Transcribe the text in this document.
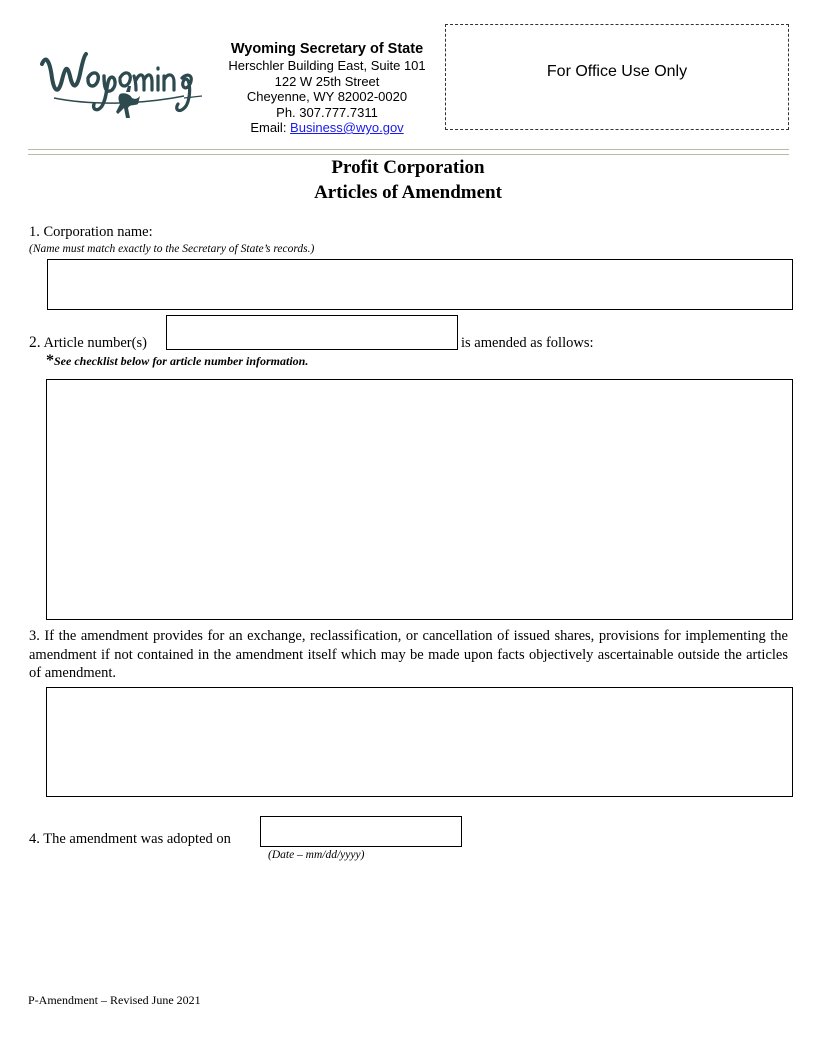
Wyoming Secretary of State
Herschler Building East, Suite 101
122 W 25th Street
Cheyenne, WY 82002-0020
Ph. 307.777.7311
Email: Business@wyo.gov
For Office Use Only
Profit Corporation
Articles of Amendment
1. Corporation name:
(Name must match exactly to the Secretary of State’s records.)
2. Article number(s)	is amended as follows:
*See checklist below for article number information.
3. If the amendment provides for an exchange, reclassification, or cancellation of issued shares, provisions for implementing the amendment if not contained in the amendment itself which may be made upon facts objectively ascertainable outside the articles of amendment.
4. The amendment was adopted on
(Date – mm/dd/yyyy)
P-Amendment – Revised June 2021
